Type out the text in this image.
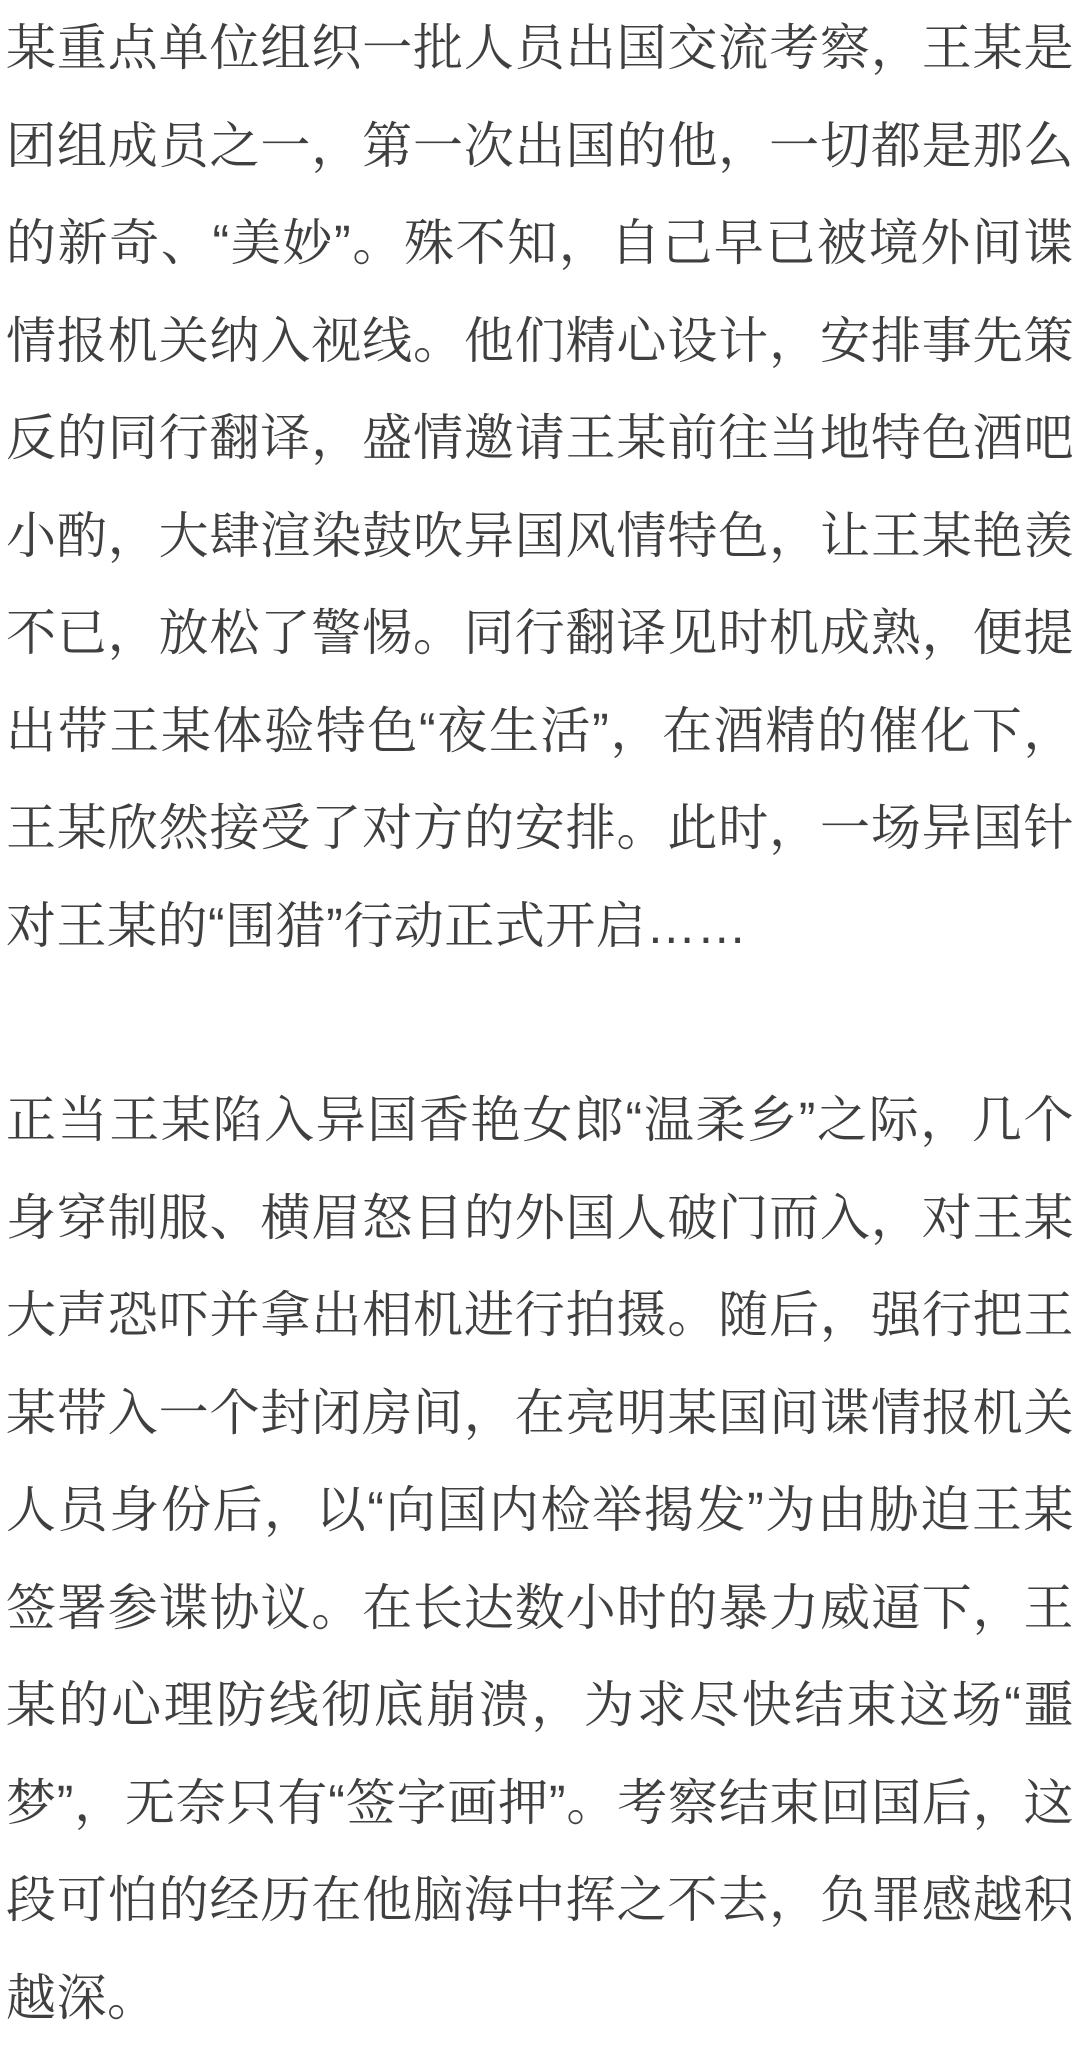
某重点单位组织一批人员出国交流考察，王某是团组成员之一，第一次出国的他，一切都是那么的新奇、“美妙”。殊不知，自己早已被境外间谍情报机关纳入视线。他们精心设计，安排事先策反的同行翻译，盛情邀请王某前往当地特色酒吧小酌，大肆渲染鼓吹异国风情特色，让王某艳羡不已，放松了警惕。同行翻译见时机成熟，便提出带王某体验特色“夜生活”，在酒精的催化下，王某欣然接受了对方的安排。此时，一场异国针对王某的“围猎”行动正式开启……

正当王某陷入异国香艳女郎“温柔乡”之际，几个身穿制服、横眉怒目的外国人破门而入，对王某大声恐吓并拿出相机进行拍摄。随后，强行把王某带入一个封闭房间，在亮明某国间谍情报机关人员身份后，以“向国内检举揭发”为由胁迫王某签署参谍协议。在长达数小时的暴力威逼下，王某的心理防线彻底崩溃，为求尽快结束这场“噩梦”，无奈只有“签字画押”。考察结束回国后，这段可怕的经历在他脑海中挥之不去，负罪感越积越深。
